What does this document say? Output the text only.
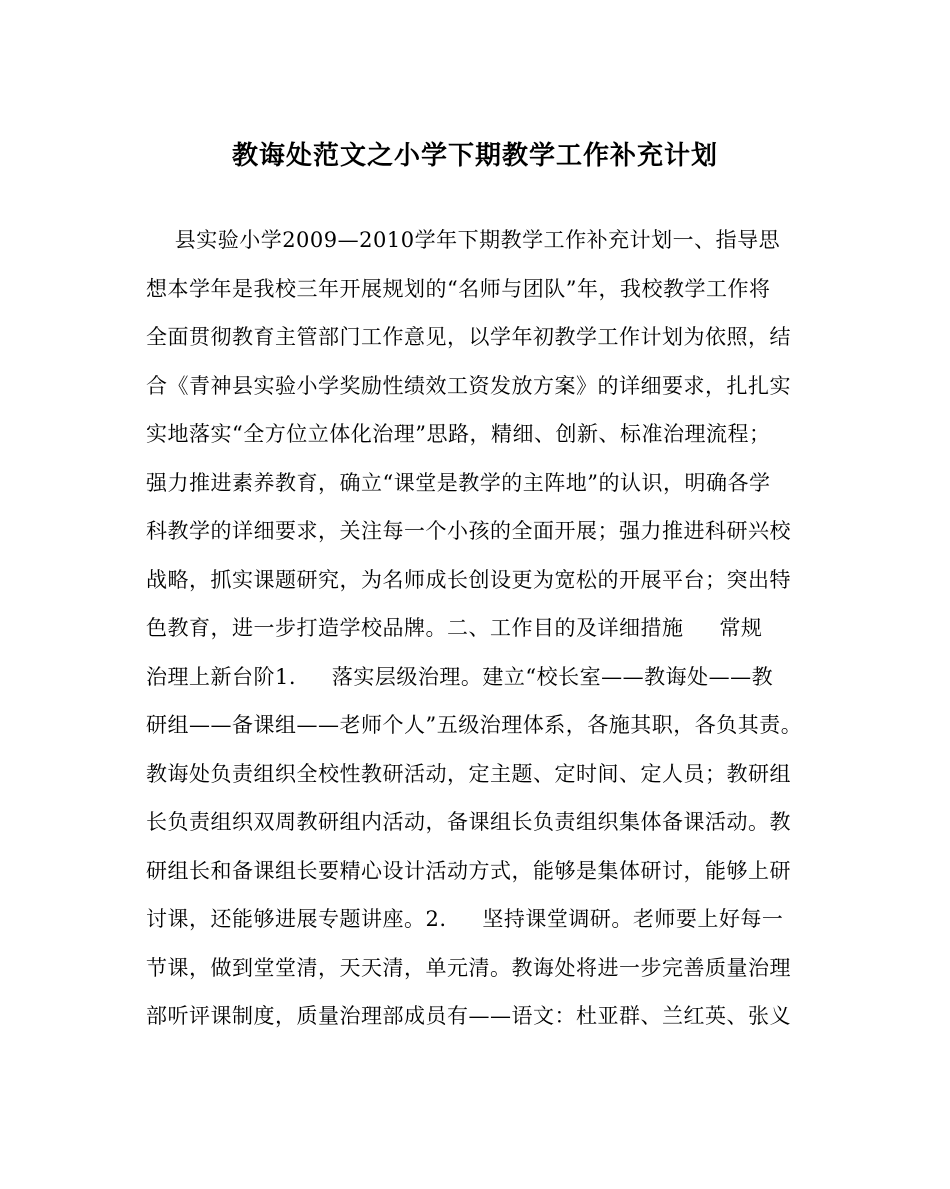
教诲处范文之小学下期教学工作补充计划
县实验小学2009—2010学年下期教学工作补充计划一、指导思
想本学年是我校三年开展规划的“名师与团队”年，我校教学工作将
全面贯彻教育主管部门工作意见，以学年初教学工作计划为依照，结
合《青神县实验小学奖励性绩效工资发放方案》的详细要求，扎扎实
实地落实“全方位立体化治理”思路，精细、创新、标准治理流程；
强力推进素养教育，确立“课堂是教学的主阵地”的认识，明确各学
科教学的详细要求，关注每一个小孩的全面开展；强力推进科研兴校
战略，抓实课题研究，为名师成长创设更为宽松的开展平台；突出特
色教育，进一步打造学校品牌。二、工作目的及详细措施     常规
治理上新台阶1.     落实层级治理。建立“校长室——教诲处——教
研组——备课组——老师个人”五级治理体系，各施其职，各负其责。
教诲处负责组织全校性教研活动，定主题、定时间、定人员；教研组
长负责组织双周教研组内活动，备课组长负责组织集体备课活动。教
研组长和备课组长要精心设计活动方式，能够是集体研讨，能够上研
讨课，还能够进展专题讲座。2.     坚持课堂调研。老师要上好每一
节课，做到堂堂清，天天清，单元清。教诲处将进一步完善质量治理
部听评课制度，质量治理部成员有——语文：杜亚群、兰红英、张义
